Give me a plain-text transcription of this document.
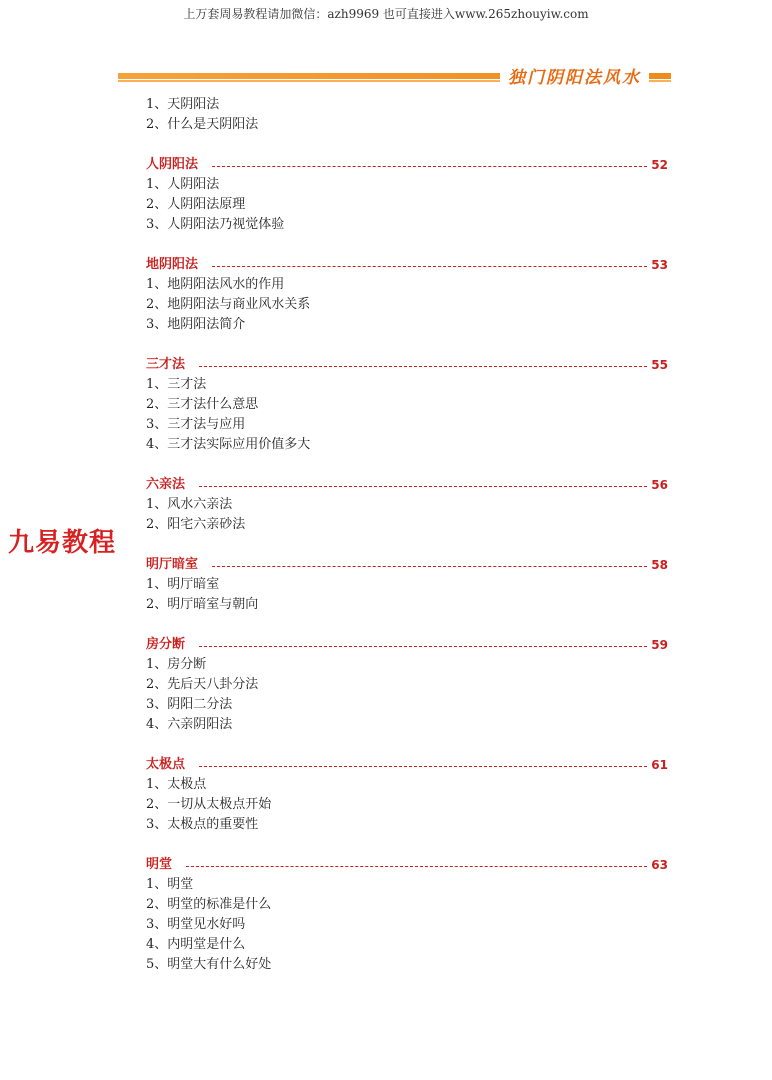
上万套周易教程请加微信：azh9969 也可直接进入www.265zhouyiw.com
独门阴阳法风水
九易教程
1、天阴阳法
2、什么是天阴阳法
人阴阳法	52
1、人阴阳法
2、人阴阳法原理
3、人阴阳法乃视觉体验
地阴阳法	53
1、地阴阳法风水的作用
2、地阴阳法与商业风水关系
3、地阴阳法简介
三才法	55
1、三才法
2、三才法什么意思
3、三才法与应用
4、三才法实际应用价值多大
六亲法	56
1、风水六亲法
2、阳宅六亲砂法
明厅暗室	58
1、明厅暗室
2、明厅暗室与朝向
房分断	59
1、房分断
2、先后天八卦分法
3、阴阳二分法
4、六亲阴阳法
太极点	61
1、太极点
2、一切从太极点开始
3、太极点的重要性
明堂	63
1、明堂
2、明堂的标准是什么
3、明堂见水好吗
4、内明堂是什么
5、明堂大有什么好处
